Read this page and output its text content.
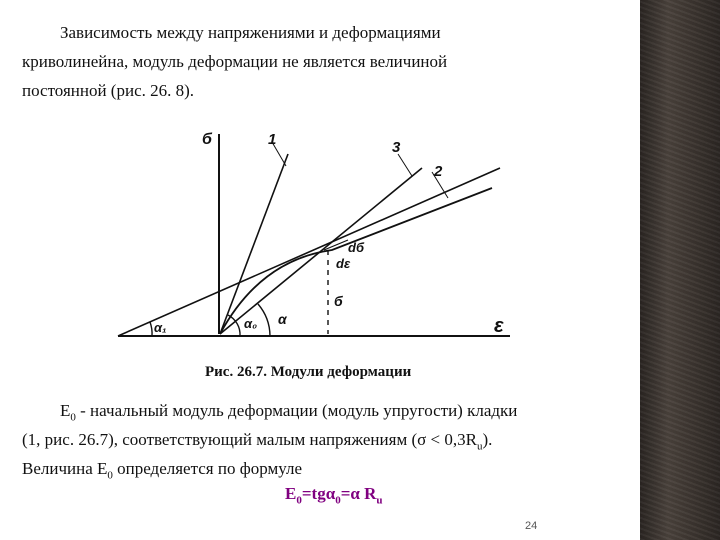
Зависимость между напряжениями и деформациями
криволинейна, модуль деформации не является величиной
постоянной (рис. 26. 8).
б	1	3
2
dб
dε
б
ε
α₁	α₀ α
Рис. 26.7. Модули деформации
$Е_0$ - начальный модуль деформации (модуль упругости) кладки
(1, рис. 26.7), соответствующий малым напряжениям $(\sigma < 0,3R_u)$.
Величина $Е_0$ определяется по формуле
$Е_0=tg\alpha_0=\alpha$ $R_u$
24
